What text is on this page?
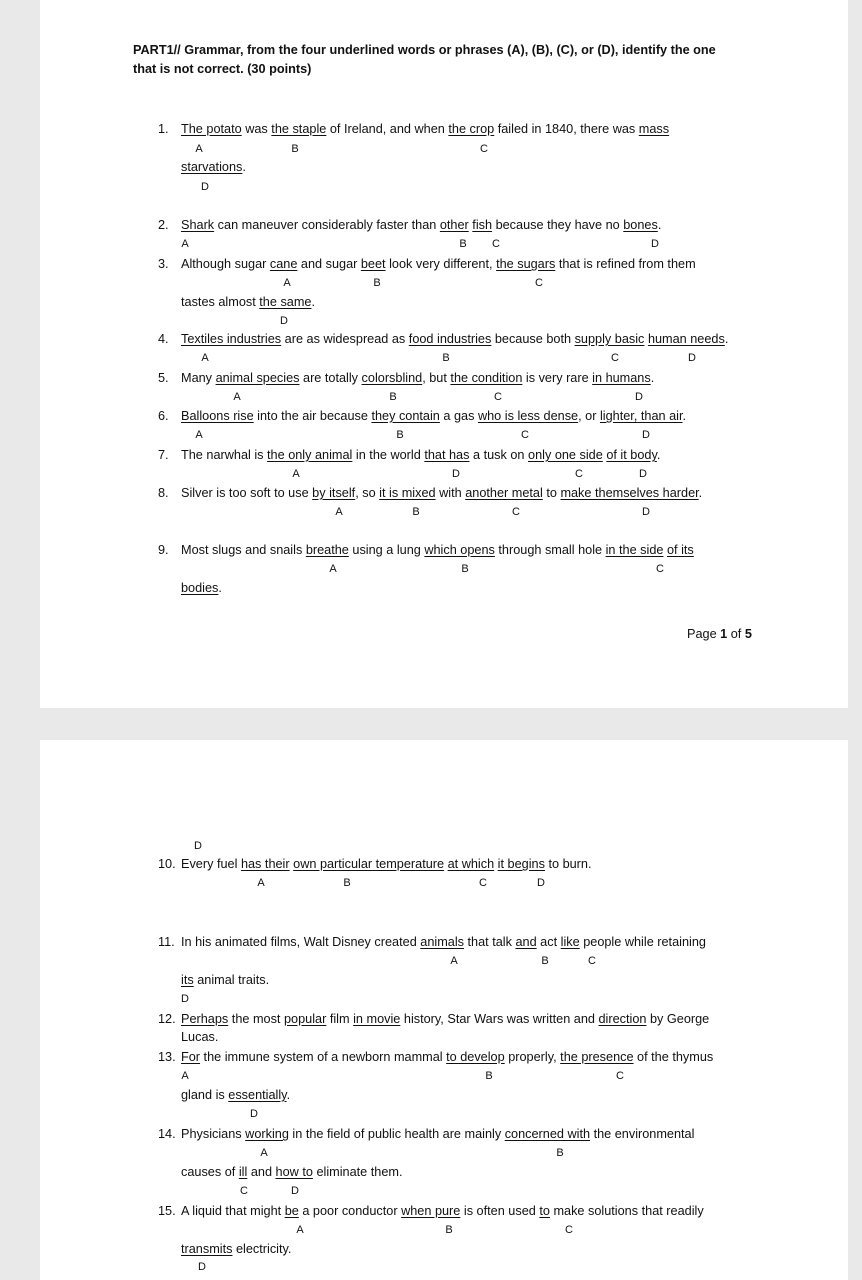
PART1// Grammar, from the four underlined words or phrases (A), (B), (C), or (D), identify the one
that is not correct. (30 points)
1. The potato was the staple of Ireland, and when the crop failed in 1840, there was mass
A	B	C
starvations.
D
2. Shark can maneuver considerably faster than other fish because they have no bones.
A	B	C	D
3. Although sugar cane and sugar beet look very different, the sugars that is refined from them
A	B	C
tastes almost the same.
D
4. Textiles industries are as widespread as food industries because both supply basic human needs.
A	B	C	D
5. Many animal species are totally colorsblind, but the condition is very rare in humans.
A	B	C	D
6. Balloons rise into the air because they contain a gas who is less dense, or lighter, than air.
A	B	C	D
7. The narwhal is the only animal in the world that has a tusk on only one side of it body.
A	D	C	D
8. Silver is too soft to use by itself, so it is mixed with another metal to make themselves harder.
A	B	C	D
9. Most slugs and snails breathe using a lung which opens through small hole in the side of its
A	B	C
bodies.
Page 1 of 5
D
10. Every fuel has their own particular temperature at which it begins to burn.
A	B	C	D
11. In his animated films, Walt Disney created animals that talk and act like people while retaining
A	B	C
its animal traits.
D
12. Perhaps the most popular film in movie history, Star Wars was written and direction by George
Lucas.
13. For the immune system of a newborn mammal to develop properly, the presence of the thymus
A	B	C
gland is essentially.
D
14. Physicians working in the field of public health are mainly concerned with the environmental
A	B
causes of ill and how to eliminate them.
C	D
15. A liquid that might be a poor conductor when pure is often used to make solutions that readily
A	B	C
transmits electricity.
D
